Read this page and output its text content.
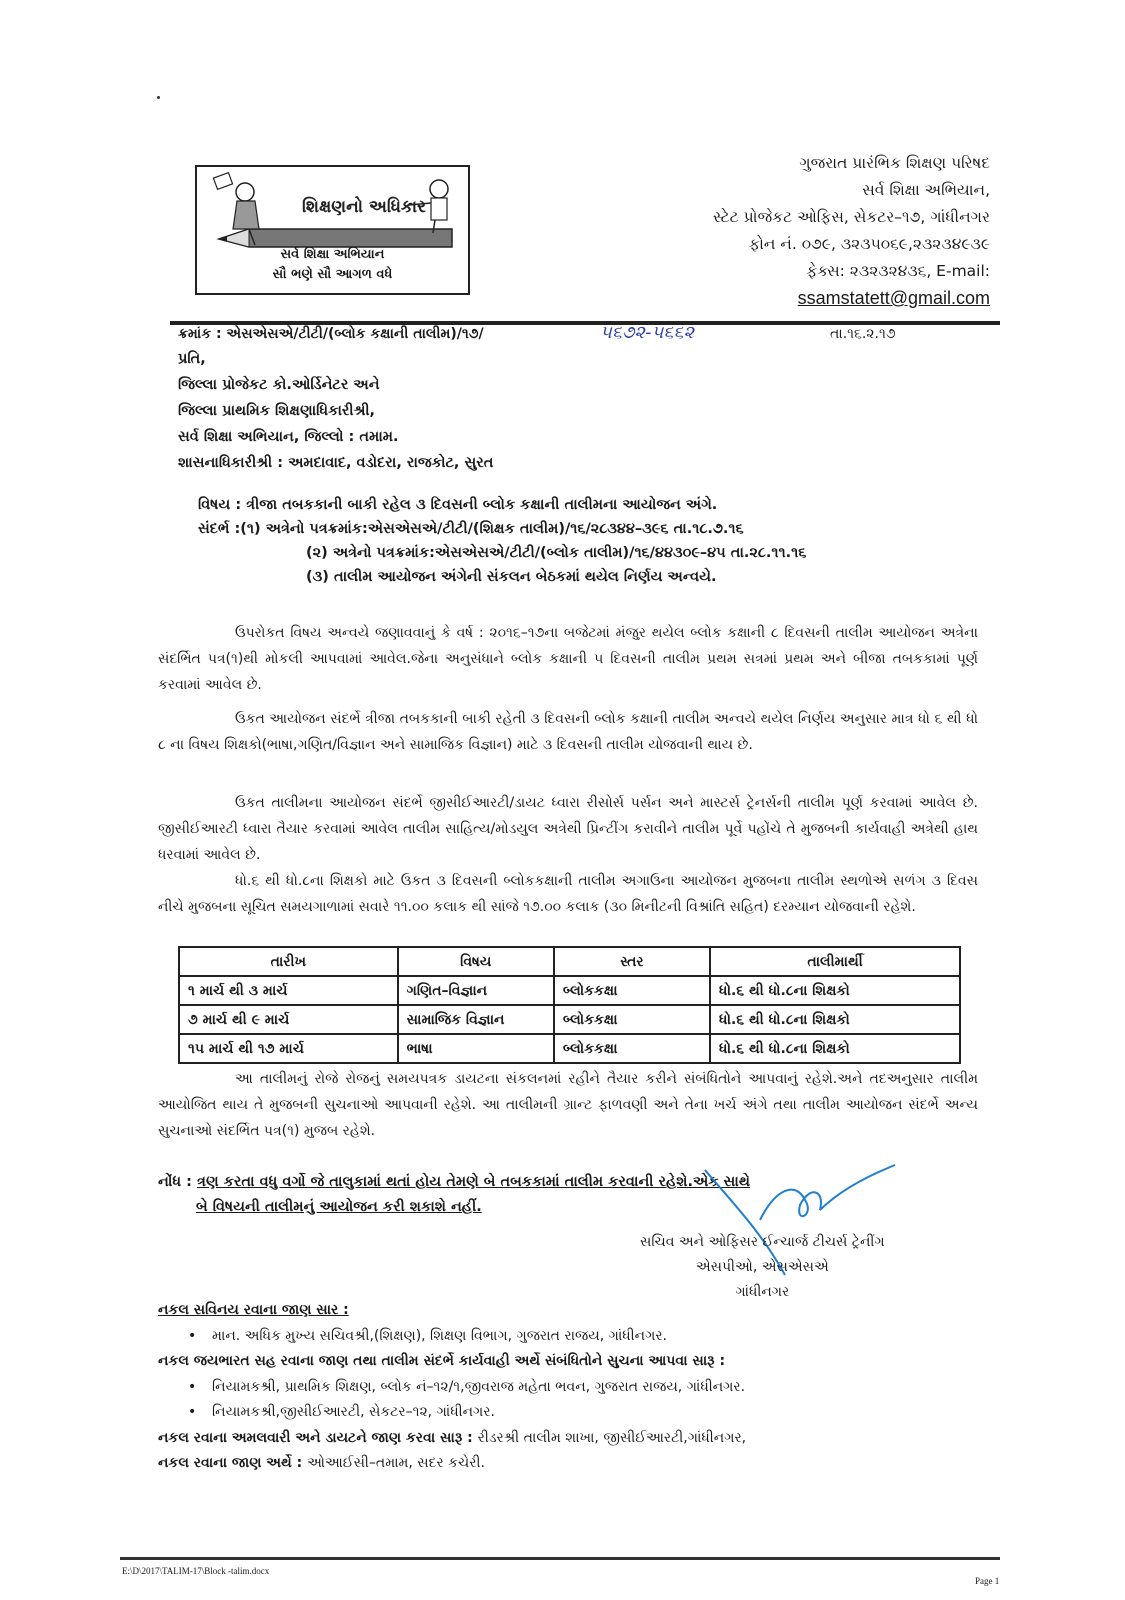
શિક્ષણનો અધિકાર
સર્વ શિક્ષા અભિયાન
સૌ ભણે સૌ આગળ વધે
ગુજરાત પ્રારંભિક શિક્ષણ પરિષદ
સર્વ શિક્ષા અભિયાન,
સ્ટેટ પ્રોજેકટ ઓફિસ, સેકટર–૧૭, ગાંધીનગર
ફોન નં. ૦૭૯, ૩૨૩૫૦૬૯,૨૩૨૩૪૯૩૯
ફેક્સ: ૨૩૨૩૨૪૩૬, E-mail:
ssamstatett@gmail.com
ક્રમાંક : એસએસએ/ટીટી/(બ્લોક કક્ષાની તાલીમ)/૧૭/	૫૬૭૨-૫૬૬૨	તા.૧૬.૨.૧૭
પ્રતિ,
જિલ્લા પ્રોજેકટ કો.ઓર્ડિનેટર અને
જિલ્લા પ્રાથમિક શિક્ષણાધિકારીશ્રી,
સર્વ શિક્ષા અભિયાન, જિલ્લો : તમામ.
શાસનાધિકારીશ્રી : અમદાવાદ, વડોદરા, રાજકોટ, સુરત
વિષય : ત્રીજા તબકકાની બાકી રહેલ ૩ દિવસની બ્લોક કક્ષાની તાલીમના આયોજન અંગે.
સંદર્ભ :(૧) અત્રેનો પત્રક્રમાંક:એસએસએ/ટીટી/(શિક્ષક તાલીમ)/૧૬/૨૮૩૪૪–૩૯૬ તા.૧૮.૭.૧૬
(૨) અત્રેનો પત્રક્રમાંક:એસએસએ/ટીટી/(બ્લોક તાલીમ)/૧૬/૪૪૩૦૯–૪૫ તા.૨૮.૧૧.૧૬
(૩) તાલીમ આયોજન અંગેની સંકલન બેઠકમાં થયેલ નિર્ણય અન્વયે.

ઉપરોકત વિષય અન્વયે જણાવવાનું કે વર્ષ : ૨૦૧૬–૧૭ના બજેટમાં મંજુર થયેલ બ્લોક કક્ષાની ૮ દિવસની તાલીમ આયોજન અત્રેના સંદર્ભિત પત્ર(૧)થી મોકલી આપવામાં આવેલ.જેના અનુસંધાને બ્લોક કક્ષાની ૫ દિવસની તાલીમ પ્રથમ સત્રમાં પ્રથમ અને બીજા તબકકામાં પૂર્ણ કરવામાં આવેલ છે.

ઉકત આયોજન સંદર્ભે ત્રીજા તબકકાની બાકી રહેતી ૩ દિવસની બ્લોક કક્ષાની તાલીમ અન્વયે થયેલ નિર્ણય અનુસાર માત્ર ધો ૬ થી ધો ૮ ના વિષય શિક્ષકો(ભાષા,ગણિત/વિજ્ઞાન અને સામાજિક વિજ્ઞાન) માટે ૩ દિવસની તાલીમ યોજવાની થાય છે.

ઉકત તાલીમના આયોજન સંદર્ભે જીસીઈઆરટી/ડાયટ ધ્વારા રીસોર્સ પર્સન અને માસ્ટર્સ ટ્રેનર્સની તાલીમ પૂર્ણ કરવામાં આવેલ છે. જીસીઈઆરટી ધ્વારા તૈયાર કરવામાં આવેલ તાલીમ સાહિત્ય/મોડયુલ અત્રેથી પ્રિન્ટીંગ કરાવીને તાલીમ પૂર્વે પહોંચે તે મુજબની કાર્યવાહી અત્રેથી હાથ ધરવામાં આવેલ છે.

ધો.૬ થી ધો.૮ના શિક્ષકો માટે ઉકત ૩ દિવસની બ્લોકકક્ષાની તાલીમ અગાઉના આયોજન મુજબના તાલીમ સ્થળોએ સળંગ ૩ દિવસ નીચે મુજબના સૂચિત સમયગાળામાં સવારે ૧૧.૦૦ કલાક થી સાંજે ૧૭.૦૦ કલાક (૩૦ મિનીટની વિશ્રાંતિ સહિત) દરમ્યાન યોજવાની રહેશે.

તારીખ	વિષય	સ્તર	તાલીમાર્થી
૧ માર્ચ થી ૩ માર્ચ	ગણિત–વિજ્ઞાન	બ્લોકકક્ષા	ધો.૬ થી ધો.૮ના શિક્ષકો
૭ માર્ચ થી ૯ માર્ચ	સામાજિક વિજ્ઞાન	બ્લોકકક્ષા	ધો.૬ થી ધો.૮ના શિક્ષકો
૧૫ માર્ચ થી ૧૭ માર્ચ	ભાષા	બ્લોકકક્ષા	ધો.૬ થી ધો.૮ના શિક્ષકો

આ તાલીમનું રોજે રોજનું સમયપત્રક ડાયટના સંકલનમાં રહીને તૈયાર કરીને સંબંધિતોને આપવાનું રહેશે.અને તદઅનુસાર તાલીમ આયોજિત થાય તે મુજબની સુચનાઓ આપવાની રહેશે. આ તાલીમની ગ્રાન્ટ ફાળવણી અને તેના ખર્ચ અંગે તથા તાલીમ આયોજન સંદર્ભે અન્ય સુચનાઓ સંદર્ભિત પત્ર(૧) મુજબ રહેશે.

નોંધ : ત્રણ કરતા વધુ વર્ગો જે તાલુકામાં થતાં હોય તેમણે બે તબકકામાં તાલીમ કરવાની રહેશે.એક સાથે
બે વિષયની તાલીમનું આયોજન કરી શકાશે નહીં.
સચિવ અને ઓફિસર ઈન્ચાર્જ ટીચર્સ ટ્રેનીંગ
એસપીઓ, એસએસએ
ગાંધીનગર
નકલ સવિનય રવાના જાણ સાર :
• માન. અધિક મુખ્ય સચિવશ્રી,(શિક્ષણ), શિક્ષણ વિભાગ, ગુજરાત રાજય, ગાંધીનગર.
નકલ જયભારત સહ રવાના જાણ તથા તાલીમ સંદર્ભે કાર્યવાહી અર્થે સંબંધિતોને સુચના આપવા સારૂ :
• નિયામકશ્રી, પ્રાથમિક શિક્ષણ, બ્લોક નં–૧૨/૧,જીવરાજ મહેતા ભવન, ગુજરાત રાજય, ગાંધીનગર.
• નિયામકશ્રી,જીસીઈઆરટી, સેકટર–૧૨, ગાંધીનગર.
નકલ રવાના અમલવારી અને ડાયટને જાણ કરવા સારૂ : રીડરશ્રી તાલીમ શાખા, જીસીઈઆરટી,ગાંધીનગર,
નકલ રવાના જાણ અર્થે : ઓઆઈસી–તમામ, સદર કચેરી.
E:\D\2017\TALIM-17\Block -talim.docx
Page 1
